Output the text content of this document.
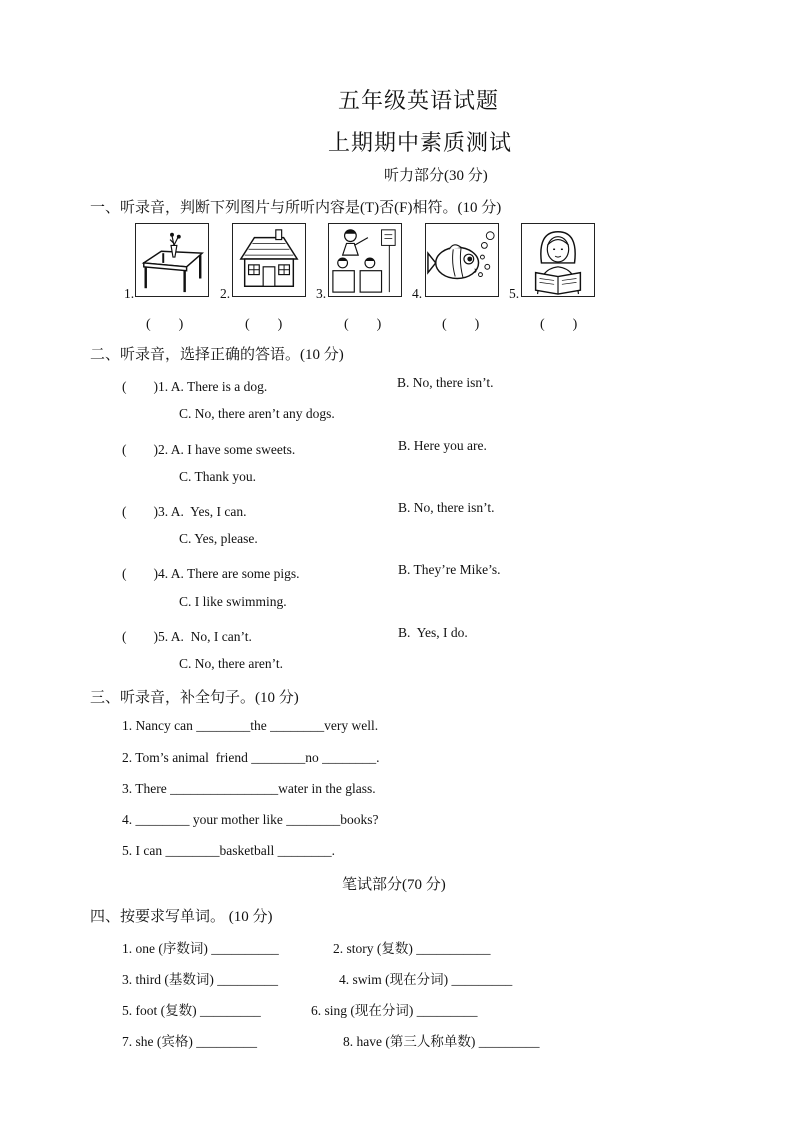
五年级英语试题
上期期中素质测试
听力部分(30 分)
一、听录音，判断下列图片与所听内容是(T)否(F)相符。(10 分)
1.	2.	3.	4.	5.
(　　)	(　　)	(　　)	(　　)	(　　)
二、听录音，选择正确的答语。(10 分)
(　　)1. A. There is a dog.	B. No, there isn’t.
C. No, there aren’t any dogs.
(　　)2. A. I have some sweets.	B. Here you are.
C. Thank you.
(　　)3. A.  Yes, I can.	B. No, there isn’t.
C. Yes, please.
(　　)4. A. There are some pigs.	B. They’re Mike’s.
C. I like swimming.
(　　)5. A.  No, I can’t.	B.  Yes, I do.
C. No, there aren’t.
三、听录音，补全句子。(10 分)
1. Nancy can ________the ________very well.
2. Tom’s animal  friend ________no ________.
3. There ________________water in the glass.
4. ________ your mother like ________books?
5. I can ________basketball ________.
笔试部分(70 分)
四、按要求写单词。 (10 分)
1. one (序数词) __________	2. story (复数) ___________
3. third (基数词) _________	4. swim (现在分词) _________
5. foot (复数) _________	6. sing (现在分词) _________
7. she (宾格) _________	8. have (第三人称单数) _________
